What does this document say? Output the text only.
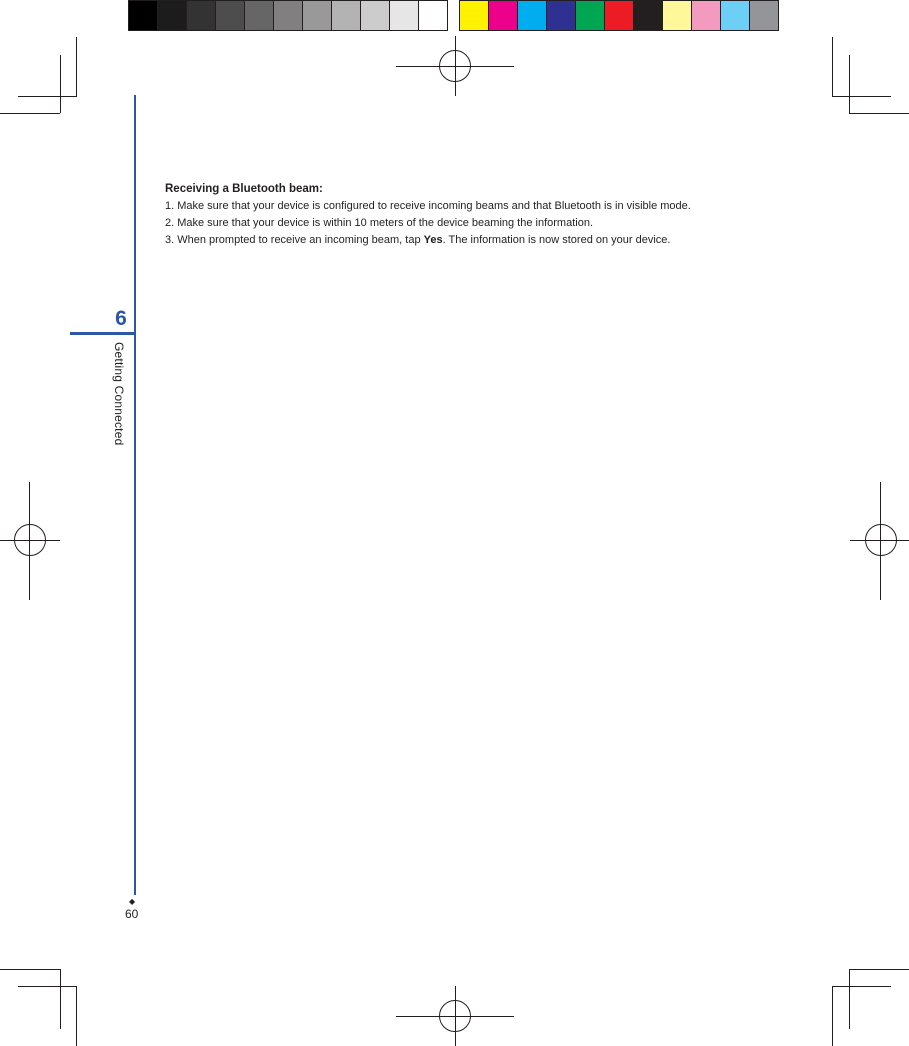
6
Getting Connected
◆
60
Receiving a Bluetooth beam:
1. Make sure that your device is configured to receive incoming beams and that Bluetooth is in visible mode.
2. Make sure that your device is within 10 meters of the device beaming the information.
3. When prompted to receive an incoming beam, tap Yes. The information is now stored on your device.
